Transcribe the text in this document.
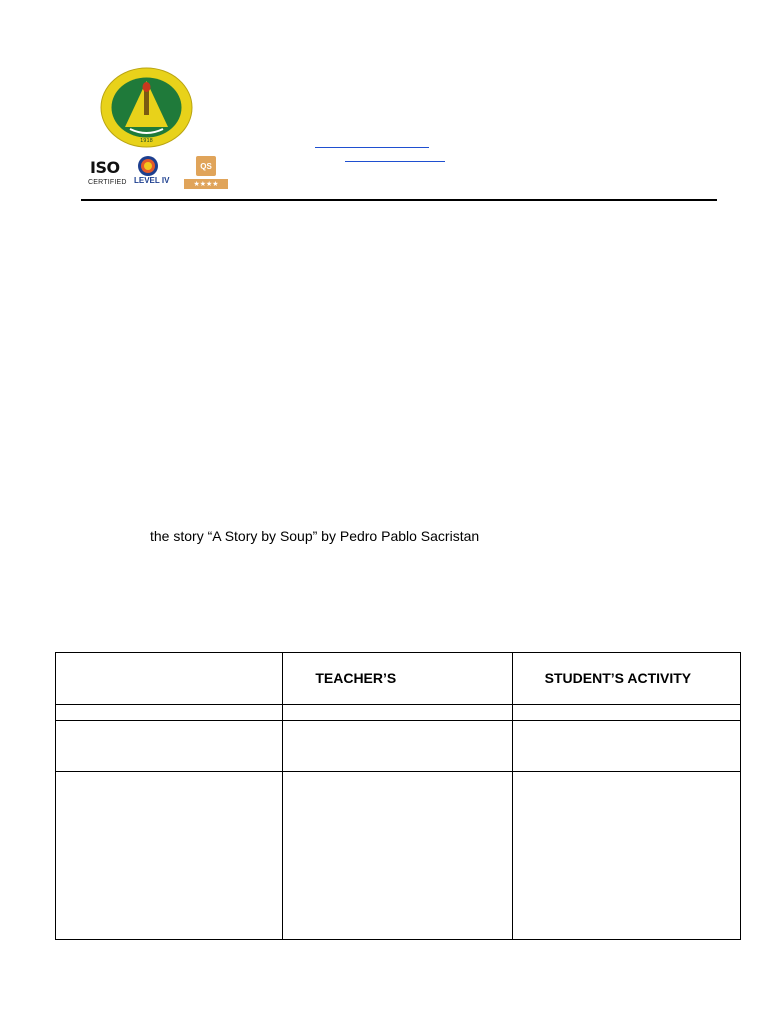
1918
ISO
CERTIFIED LEVEL IV
QS
★★★★
the story “A Story by Soup” by Pedro Pablo Sacristan
	TEACHER’S	STUDENT’S ACTIVITY
